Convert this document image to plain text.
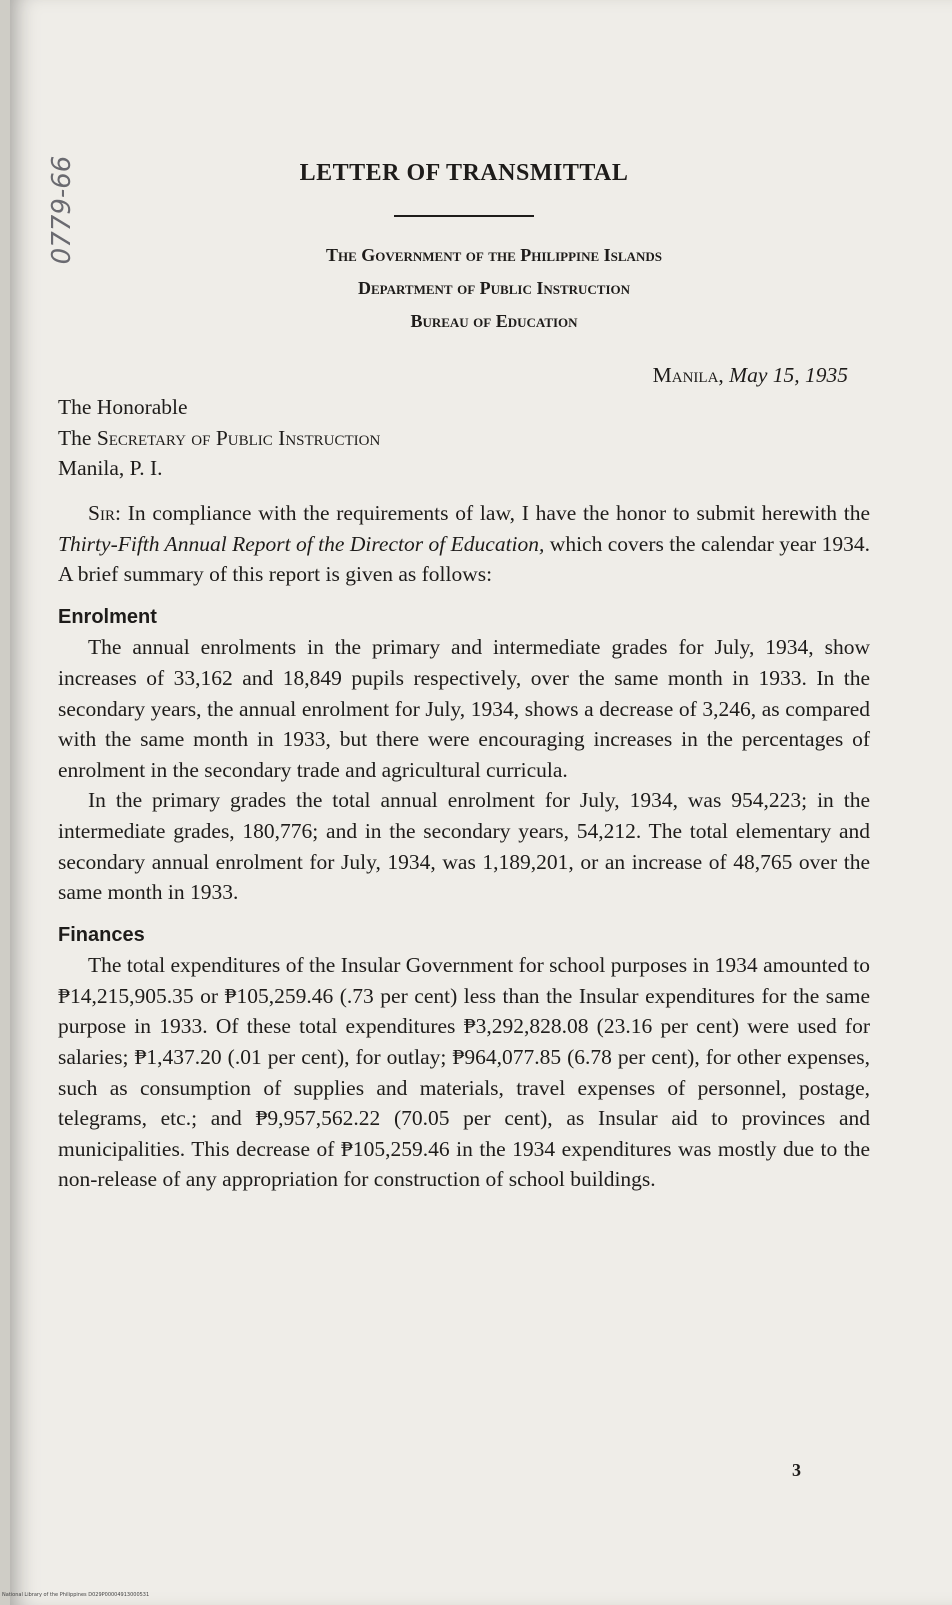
0779-66	LETTER OF TRANSMITTAL
The Government of the Philippine Islands
Department of Public Instruction
Bureau of Education
Manila, May 15, 1935
The Honorable
The Secretary of Public Instruction
Manila, P. I.

Sir: In compliance with the requirements of law, I have the honor to submit herewith the Thirty-Fifth Annual Report of the Director of Education, which covers the calendar year 1934. A brief summary of this report is given as follows:

Enrolment

The annual enrolments in the primary and intermediate grades for July, 1934, show increases of 33,162 and 18,849 pupils respectively, over the same month in 1933. In the secondary years, the annual enrolment for July, 1934, shows a decrease of 3,246, as compared with the same month in 1933, but there were encouraging increases in the percentages of enrolment in the secondary trade and agricultural curricula.

In the primary grades the total annual enrolment for July, 1934, was 954,223; in the intermediate grades, 180,776; and in the secondary years, 54,212. The total elementary and secondary annual enrolment for July, 1934, was 1,189,201, or an increase of 48,765 over the same month in 1933.

Finances

The total expenditures of the Insular Government for school purposes in 1934 amounted to ₱14,215,905.35 or ₱105,259.46 (.73 per cent) less than the Insular expenditures for the same purpose in 1933. Of these total expenditures ₱3,292,828.08 (23.16 per cent) were used for salaries; ₱1,437.20 (.01 per cent), for outlay; ₱964,077.85 (6.78 per cent), for other expenses, such as consumption of supplies and materials, travel expenses of personnel, postage, telegrams, etc.; and ₱9,957,562.22 (70.05 per cent), as Insular aid to provinces and municipalities. This decrease of ₱105,259.46 in the 1934 expenditures was mostly due to the non-release of any appropriation for construction of school buildings.

3
National Library of the Philippines D029P00004913000531
